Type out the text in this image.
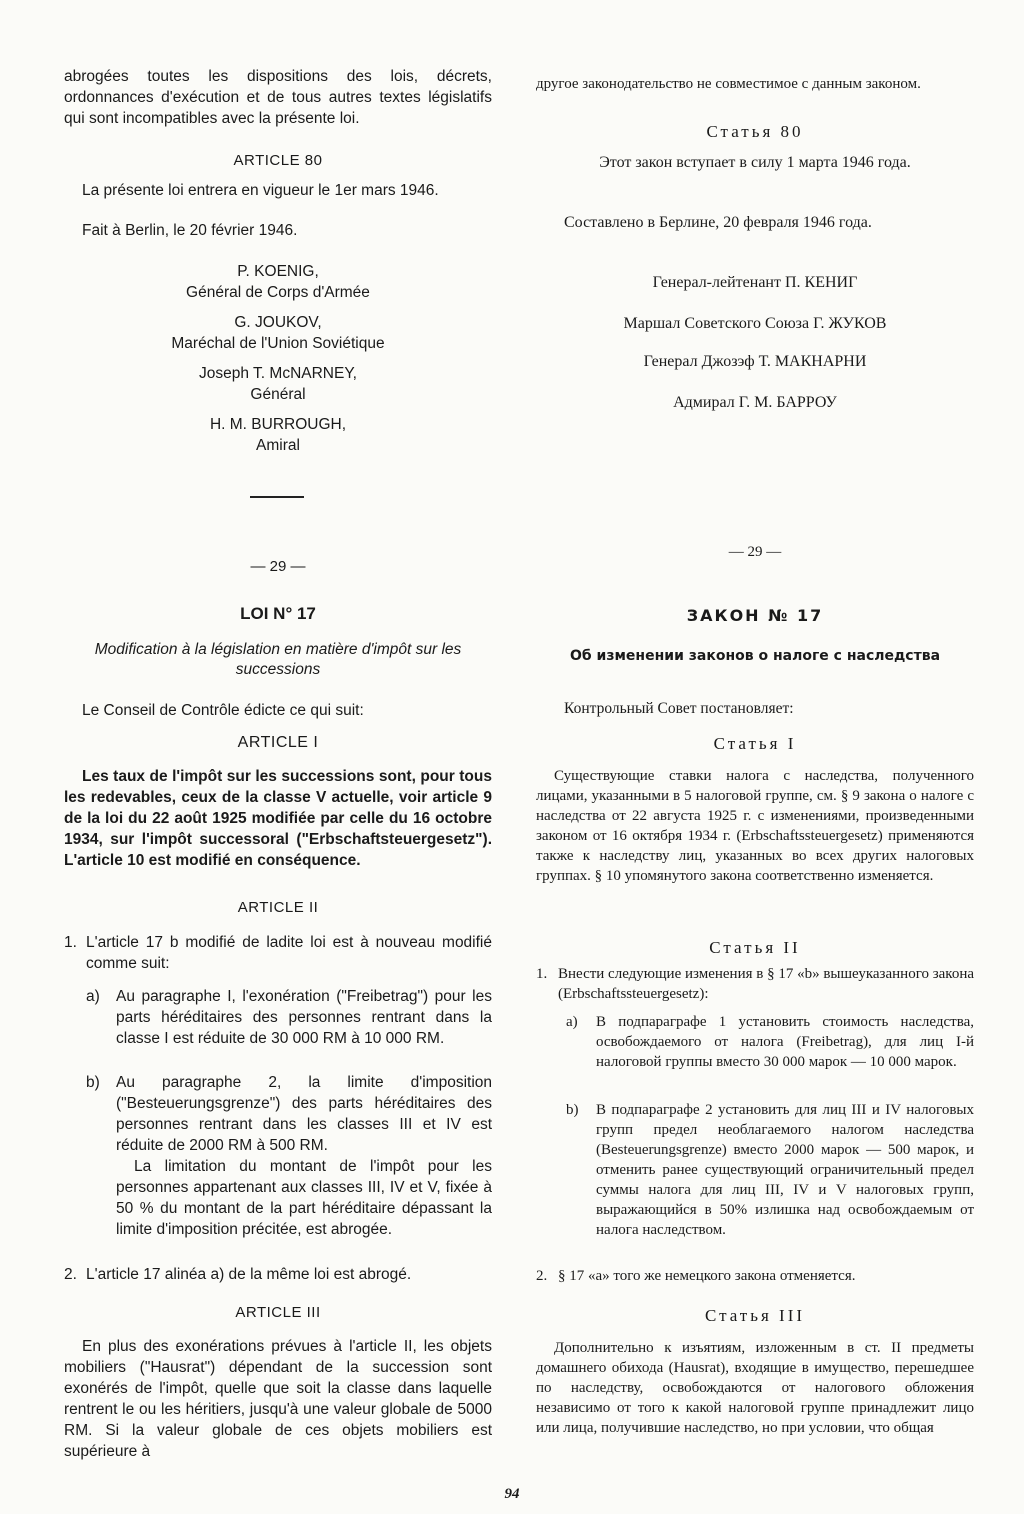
abrogées toutes les dispositions des lois, décrets, ordonnances d'exécution et de tous autres textes législatifs qui sont incompatibles avec la présente loi.

ARTICLE 80

La présente loi entrera en vigueur le 1er mars 1946.

Fait à Berlin, le 20 février 1946.

P. KOENIG,
Général de Corps d'Armée
G. JOUKOV,
Maréchal de l'Union Soviétique
Joseph T. McNARNEY,
Général
H. M. BURROUGH,
Amiral

— 29 —

LOI N° 17

Modification à la législation en matière d'impôt sur les successions

Le Conseil de Contrôle édicte ce qui suit:

ARTICLE I

Les taux de l'impôt sur les successions sont, pour tous les redevables, ceux de la classe V actuelle, voir article 9 de la loi du 22 août 1925 modifiée par celle du 16 octobre 1934, sur l'impôt successoral ("Erbschaftsteuergesetz"). L'article 10 est modifié en conséquence.

ARTICLE II

1. L'article 17 b modifié de ladite loi est à nouveau modifié comme suit:
a) Au paragraphe I, l'exonération ("Freibetrag") pour les parts héréditaires des personnes rentrant dans la classe I est réduite de 30 000 RM à 10 000 RM.
b) Au paragraphe 2, la limite d'imposition ("Besteuerungsgrenze") des parts héréditaires des personnes rentrant dans les classes III et IV est réduite de 2000 RM à 500 RM.
La limitation du montant de l'impôt pour les personnes appartenant aux classes III, IV et V, fixée à 50 % du montant de la part héréditaire dépassant la limite d'imposition précitée, est abrogée.
2. L'article 17 alinéa a) de la même loi est abrogé.

ARTICLE III

En plus des exonérations prévues à l'article II, les objets mobiliers ("Hausrat") dépendant de la succession sont exonérés de l'impôt, quelle que soit la classe dans laquelle rentrent le ou les héritiers, jusqu'à une valeur globale de 5000 RM. Si la valeur globale de ces objets mobiliers est supérieure à

другое законодательство не совместимое с данным законом.

Статья 80

Этот закон вступает в силу 1 марта 1946 года.

Составлено в Берлине, 20 февраля 1946 года.

Генерал-лейтенант П. КЕНИГ

Маршал Советского Союза Г. ЖУКОВ

Генерал Джозэф Т. МАКНАРНИ

Адмирал Г. М. БАРРОУ

— 29 —

ЗАКОН № 17

Об изменении законов о налоге с наследства

Контрольный Совет постановляет:

Статья I

Существующие ставки налога с наследства, полученного лицами, указанными в 5 налоговой группе, см. § 9 закона о налоге с наследства от 22 августа 1925 г. с изменениями, произведенными законом от 16 октября 1934 г. (Erbschaftssteuergesetz) применяются также к наследству лиц, указанных во всех других налоговых группах. § 10 упомянутого закона соответственно изменяется.

Статья II

1. Внести следующие изменения в § 17 «b» вышеуказанного закона (Erbschaftssteuergesetz):
a) В подпараграфе 1 установить стоимость наследства, освобождаемого от налога (Freibetrag), для лиц I-й налоговой группы вместо 30 000 марок — 10 000 марок.
b) В подпараграфе 2 установить для лиц III и IV налоговых групп предел необлагаемого налогом наследства (Besteuerungsgrenze) вместо 2000 марок — 500 марок, и отменить ранее существующий ограничительный предел суммы налога для лиц III, IV и V налоговых групп, выражающийся в 50% излишка над освобождаемым от налога наследством.
2. § 17 «a» того же немецкого закона отменяется.

Статья III

Дополнительно к изъятиям, изложенным в ст. II предметы домашнего обихода (Hausrat), входящие в имущество, перешедшее по наследству, освобождаются от налогового обложения независимо от того к какой налоговой группе принадлежит лицо или лица, получившие наследство, но при условии, что общая

94
